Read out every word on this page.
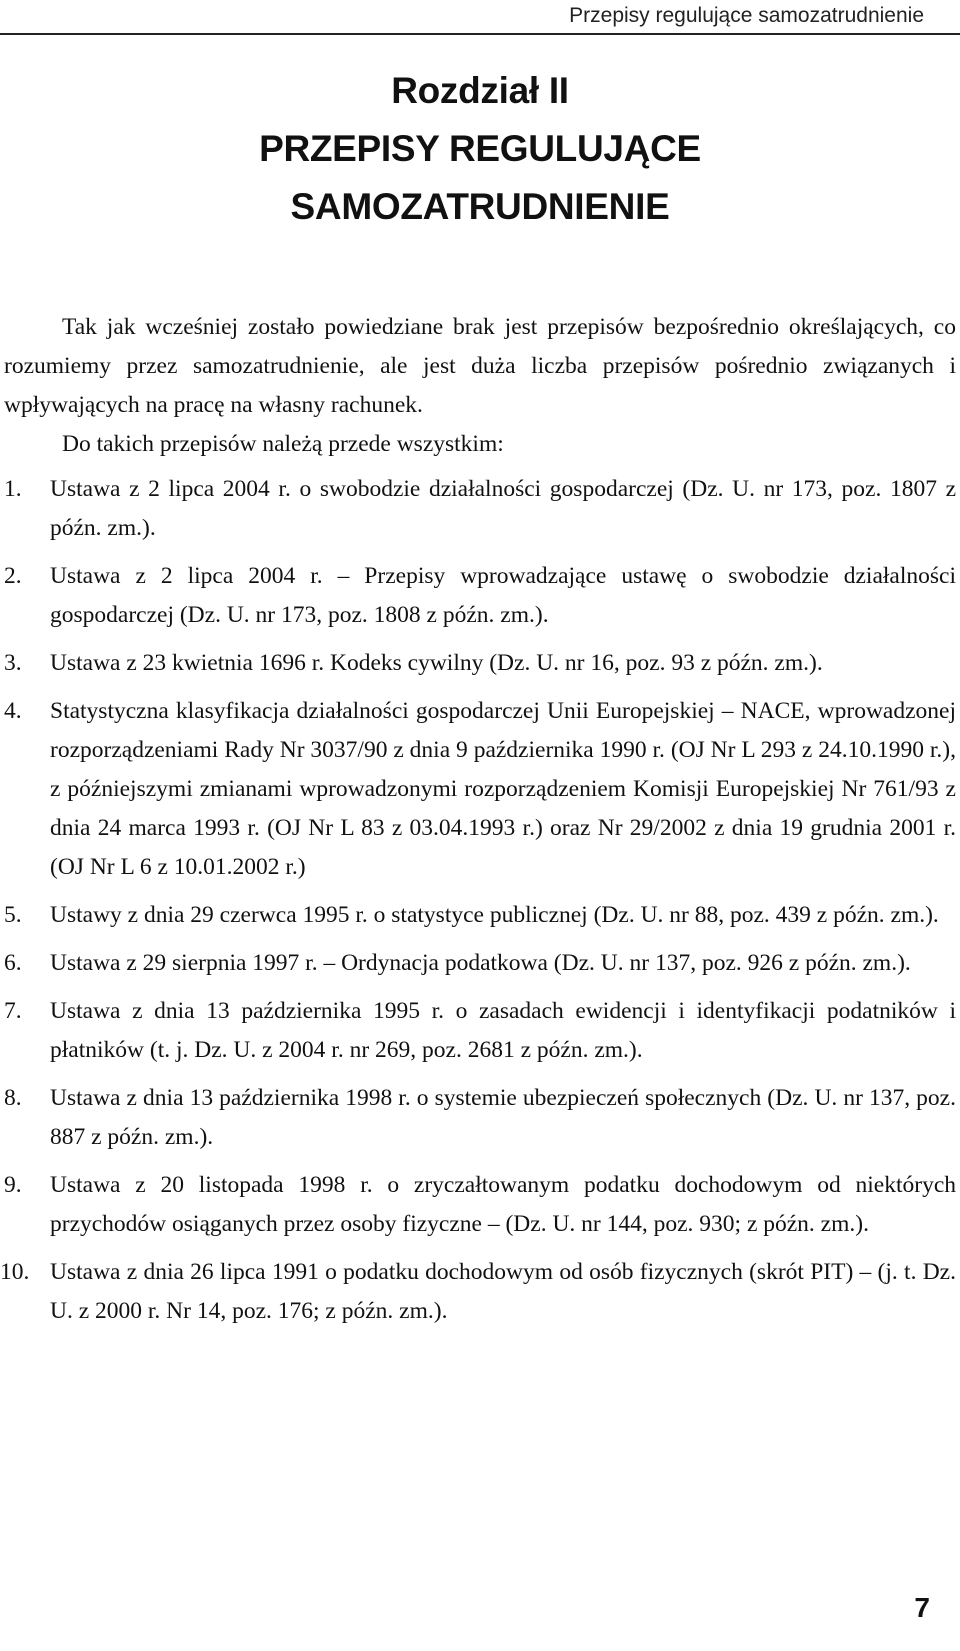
Przepisy regulujące samozatrudnienie
Rozdział II
PRZEPISY REGULUJĄCE
SAMOZATRUDNIENIE

Tak jak wcześniej zostało powiedziane brak jest przepisów bezpośrednio określających, co rozumiemy przez samozatrudnienie, ale jest duża liczba przepisów pośrednio związanych i wpływających na pracę na własny rachunek.

Do takich przepisów należą przede wszystkim:

1.	Ustawa z 2 lipca 2004 r. o swobodzie działalności gospodarczej (Dz. U. nr 173, poz. 1807 z późn. zm.).
2.	Ustawa z 2 lipca 2004 r. – Przepisy wprowadzające ustawę o swobodzie działalności gospodarczej (Dz. U. nr 173, poz. 1808 z późn. zm.).
3.	Ustawa z 23 kwietnia 1696 r. Kodeks cywilny (Dz. U. nr 16, poz. 93 z późn. zm.).
4.	Statystyczna klasyfikacja działalności gospodarczej Unii Europejskiej – NACE, wprowadzonej rozporządzeniami Rady Nr 3037/90 z dnia 9 października 1990 r. (OJ Nr L 293 z 24.10.1990 r.), z późniejszymi zmianami wprowadzonymi rozporządzeniem Komisji Europejskiej Nr 761/93 z dnia 24 marca 1993 r. (OJ Nr L 83 z 03.04.1993 r.) oraz Nr 29/2002 z dnia 19 grudnia 2001 r. (OJ Nr L 6 z 10.01.2002 r.)
5.	Ustawy z dnia 29 czerwca 1995 r. o statystyce publicznej (Dz. U. nr 88, poz. 439 z późn. zm.).
6.	Ustawa z 29 sierpnia 1997 r. – Ordynacja podatkowa (Dz. U. nr 137, poz. 926 z późn. zm.).
7.	Ustawa z dnia 13 października 1995 r. o zasadach ewidencji i identyfikacji podatników i płatników (t. j. Dz. U. z 2004 r. nr 269, poz. 2681 z późn. zm.).
8.	Ustawa z dnia 13 października 1998 r. o systemie ubezpieczeń społecznych (Dz. U. nr 137, poz. 887 z późn. zm.).
9.	Ustawa z 20 listopada 1998 r. o zryczałtowanym podatku dochodowym od niektórych przychodów osiąganych przez osoby fizyczne – (Dz. U. nr 144, poz. 930; z późn. zm.).
10. Ustawa z dnia 26 lipca 1991 o podatku dochodowym od osób fizycznych (skrót PIT) – (j. t. Dz. U. z 2000 r. Nr 14, poz. 176; z późn. zm.).
7
